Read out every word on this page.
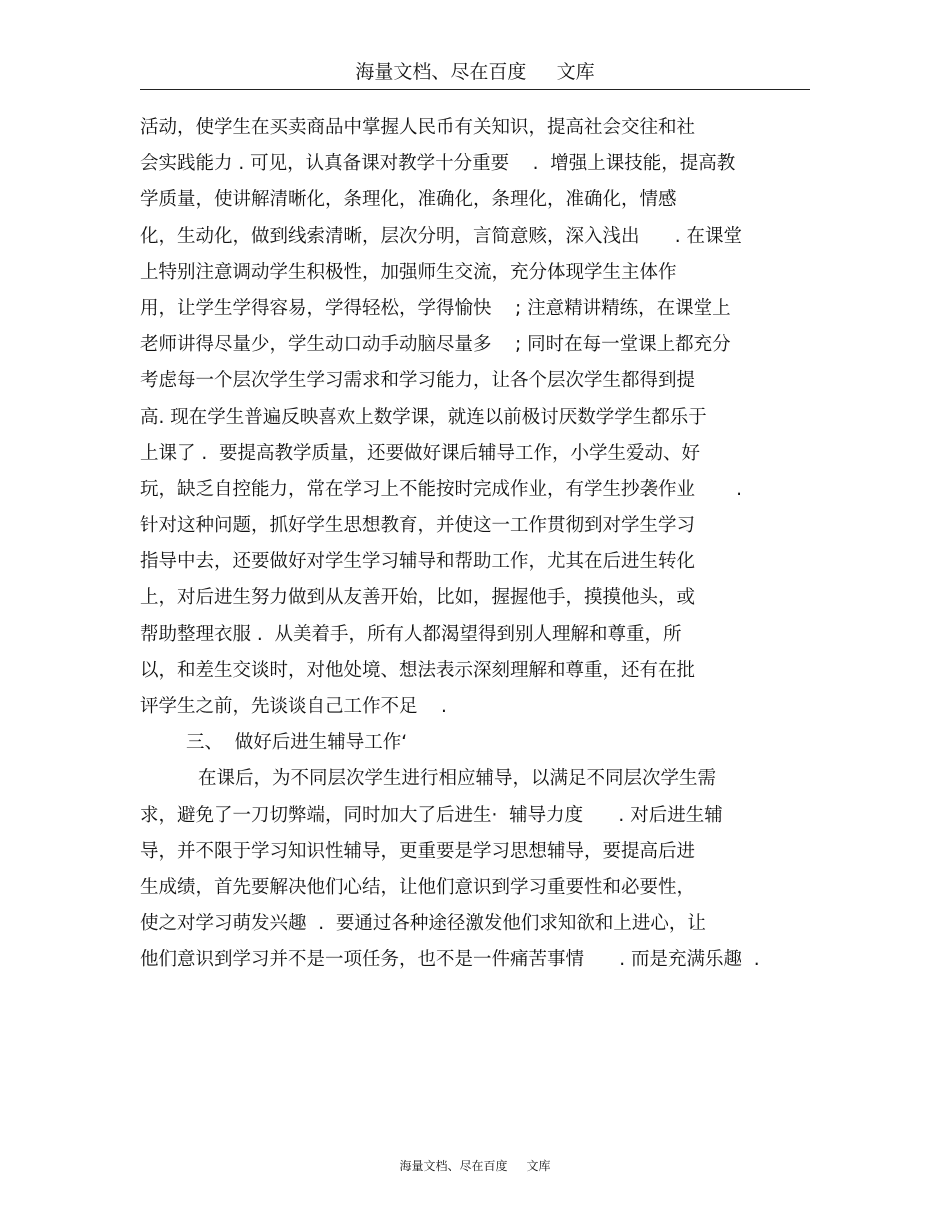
海量文档、尽在百度     文库
活动，使学生在买卖商品中掌握人民币有关知识，提高社会交往和社
会实践能力 . 可见，认真备课对教学十分重要    .  增强上课技能，提高教
学质量，使讲解清晰化，条理化，准确化，条理化，准确化，情感
化，生动化，做到线索清晰，层次分明，言简意赅，深入浅出      . 在课堂
上特别注意调动学生积极性，加强师生交流，充分体现学生主体作
用，让学生学得容易，学得轻松，学得愉快    ; 注意精讲精练，在课堂上
老师讲得尽量少，学生动口动手动脑尽量多    ; 同时在每一堂课上都充分
考虑每一个层次学生学习需求和学习能力，让各个层次学生都得到提
高. 现在学生普遍反映喜欢上数学课，就连以前极讨厌数学学生都乐于
上课了 .  要提高教学质量，还要做好课后辅导工作，小学生爱动、好
玩，缺乏自控能力，常在学习上不能按时完成作业，有学生抄袭作业       .
针对这种问题，抓好学生思想教育，并使这一工作贯彻到对学生学习
指导中去，还要做好对学生学习辅导和帮助工作，尤其在后进生转化
上，对后进生努力做到从友善开始，比如，握握他手，摸摸他头，或
帮助整理衣服 .  从美着手，所有人都渴望得到别人理解和尊重，所
以，和差生交谈时，对他处境、想法表示深刻理解和尊重，还有在批
评学生之前，先谈谈自己工作不足    .
三、  做好后进生辅导工作‘
在课后，为不同层次学生进行相应辅导，以满足不同层次学生需
求，避免了一刀切弊端，同时加大了后进生·  辅导力度      . 对后进生辅
导，并不限于学习知识性辅导，更重要是学习思想辅导，要提高后进
生成绩，首先要解决他们心结，让他们意识到学习重要性和必要性，
使之对学习萌发兴趣  .  要通过各种途径激发他们求知欲和上进心，让
他们意识到学习并不是一项任务，也不是一件痛苦事情      . 而是充满乐趣  .
海量文档、尽在百度     文库
